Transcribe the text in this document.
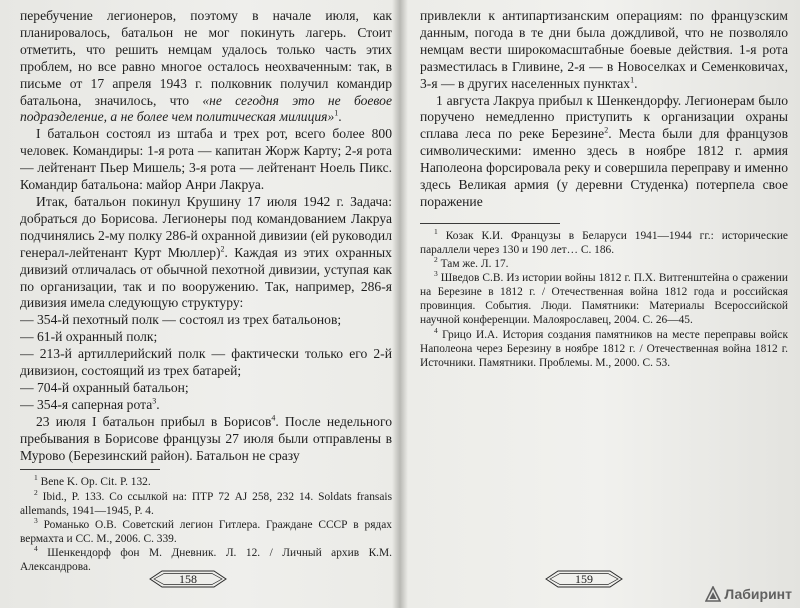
перебучение легионеров, поэтому в начале июля, как планировалось, батальон не мог покинуть лагерь. Стоит отметить, что решить немцам удалось только часть этих проблем, но все равно многое осталось неохваченным: так, в письме от 17 апреля 1943 г. полковник получил командир батальона, значилось, что «не сегодня это не боевое подразделение, а не более чем политическая милиция»$^1$.

I батальон состоял из штаба и трех рот, всего более 800 человек. Командиры: 1-я рота — капитан Жорж Карту; 2-я рота — лейтенант Пьер Мишель; 3-я рота — лейтенант Ноель Пикс. Командир батальона: майор Анри Лакруа.

Итак, батальон покинул Крушину 17 июля 1942 г. Задача: добраться до Борисова. Легионеры под командованием Лакруа подчинялись 2-му полку 286-й охранной дивизии (ей руководил генерал-лейтенант Курт Мюллер)$^2$. Каждая из этих охранных дивизий отличалась от обычной пехотной дивизии, уступая как по организации, так и по вооружению. Так, например, 286-я дивизия имела следующую структуру:

— 354-й пехотный полк — состоял из трех батальонов;

— 61-й охранный полк;

— 213-й артиллерийский полк — фактически только его 2-й дивизион, состоящий из трех батарей;

— 704-й охранный батальон;

— 354-я саперная рота$^3$.

23 июля I батальон прибыл в Борисов$^4$. После недельного пребывания в Борисове французы 27 июля были отправлены в Мурово (Березинский район). Батальон не сразу

$^1$ Bene K. Op. Cit. P. 132.

$^2$ Ibid., P. 133. Со ссылкой на: ПТР 72 AJ 258, 232 14. Soldats fransais allemands, 1941—1945, P. 4.

$^3$ Романько О.В. Советский легион Гитлера. Граждане СССР в рядах вермахта и СС. М., 2006. С. 339.

$^4$ Шенкендорф фон М. Дневник. Л. 12. / Личный архив К.М. Александрова.

158

привлекли к антипартизанским операциям: по французским данным, погода в те дни была дождливой, что не позволяло немцам вести широкомасштабные боевые действия. 1-я рота разместилась в Гливине, 2-я — в Новоселках и Семенковичах, 3-я — в других населенных пунктах$^1$.

1 августа Лакруа прибыл к Шенкендорфу. Легионерам было поручено немедленно приступить к организации охраны сплава леса по реке Березине$^2$. Места были для французов символическими: именно здесь в ноябре 1812 г. армия Наполеона форсировала реку и совершила переправу и именно здесь Великая армия (у деревни Студенка) потерпела свое поражение

$^1$ Козак К.И. Французы в Беларуси 1941—1944 гг.: исторические параллели через 130 и 190 лет… С. 186.

$^2$ Там же. Л. 17.

$^3$ Шведов С.В. Из истории войны 1812 г. П.Х. Витгенштейна о сражении на Березине в 1812 г. / Отечественная война 1812 года и российская провинция. События. Люди. Памятники: Материалы Всероссийской научной конференции. Малоярославец, 2004. С. 26—45.

$^4$ Грицо И.А. История создания памятников на месте переправы войск Наполеона через Березину в ноябре 1812 г. / Отечественная война 1812 г. Источники. Памятники. Проблемы. М., 2000. С. 53.

159
Лабиринт
